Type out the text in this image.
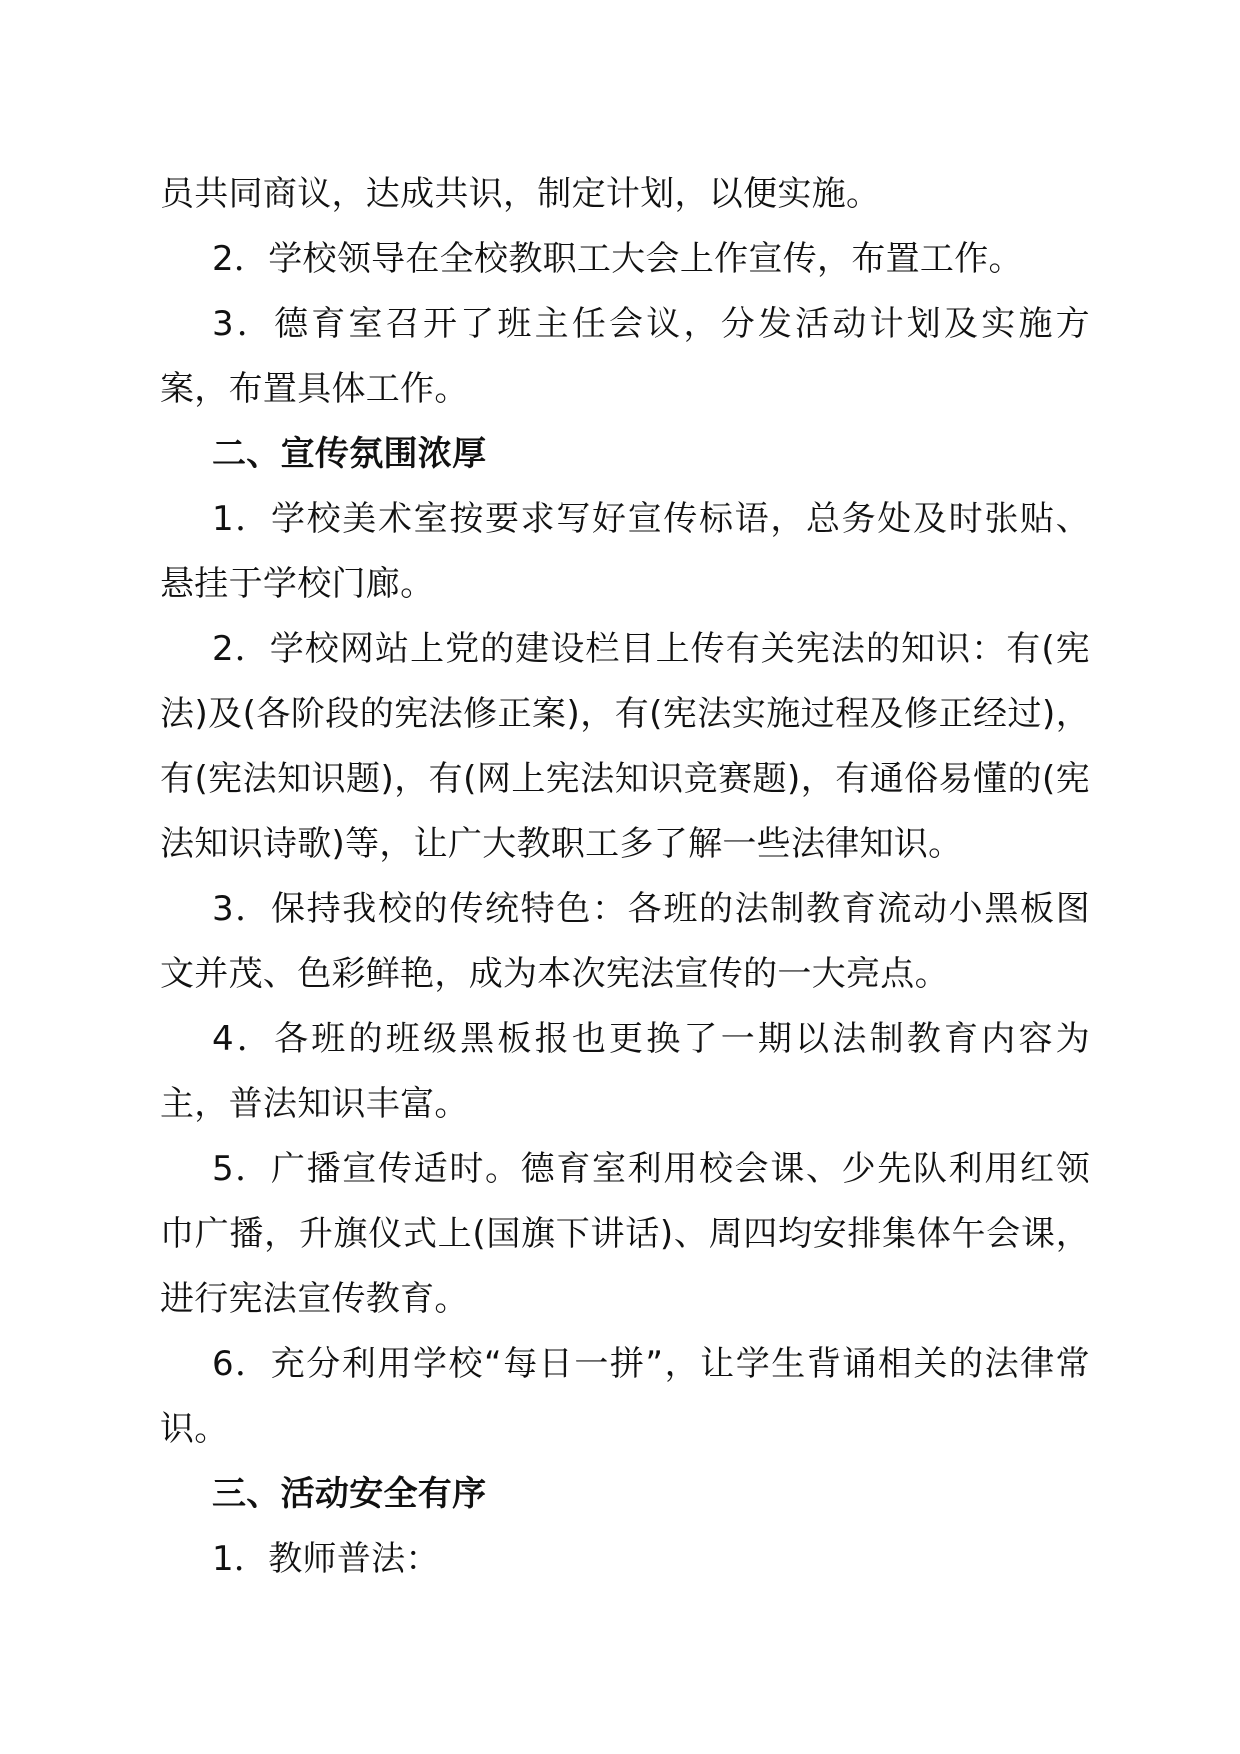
员共同商议，达成共识，制定计划，以便实施。

2．学校领导在全校教职工大会上作宣传，布置工作。

3．德育室召开了班主任会议，分发活动计划及实施方案，布置具体工作。

二、宣传氛围浓厚

1．学校美术室按要求写好宣传标语，总务处及时张贴、悬挂于学校门廊。

2．学校网站上党的建设栏目上传有关宪法的知识：有(宪法)及(各阶段的宪法修正案)，有(宪法实施过程及修正经过)，有(宪法知识题)，有(网上宪法知识竞赛题)，有通俗易懂的(宪法知识诗歌)等，让广大教职工多了解一些法律知识。

3．保持我校的传统特色：各班的法制教育流动小黑板图文并茂、色彩鲜艳，成为本次宪法宣传的一大亮点。

4．各班的班级黑板报也更换了一期以法制教育内容为主，普法知识丰富。

5．广播宣传适时。德育室利用校会课、少先队利用红领巾广播，升旗仪式上(国旗下讲话)、周四均安排集体午会课，进行宪法宣传教育。

6．充分利用学校“每日一拼”，让学生背诵相关的法律常识。

三、活动安全有序

1．教师普法：
